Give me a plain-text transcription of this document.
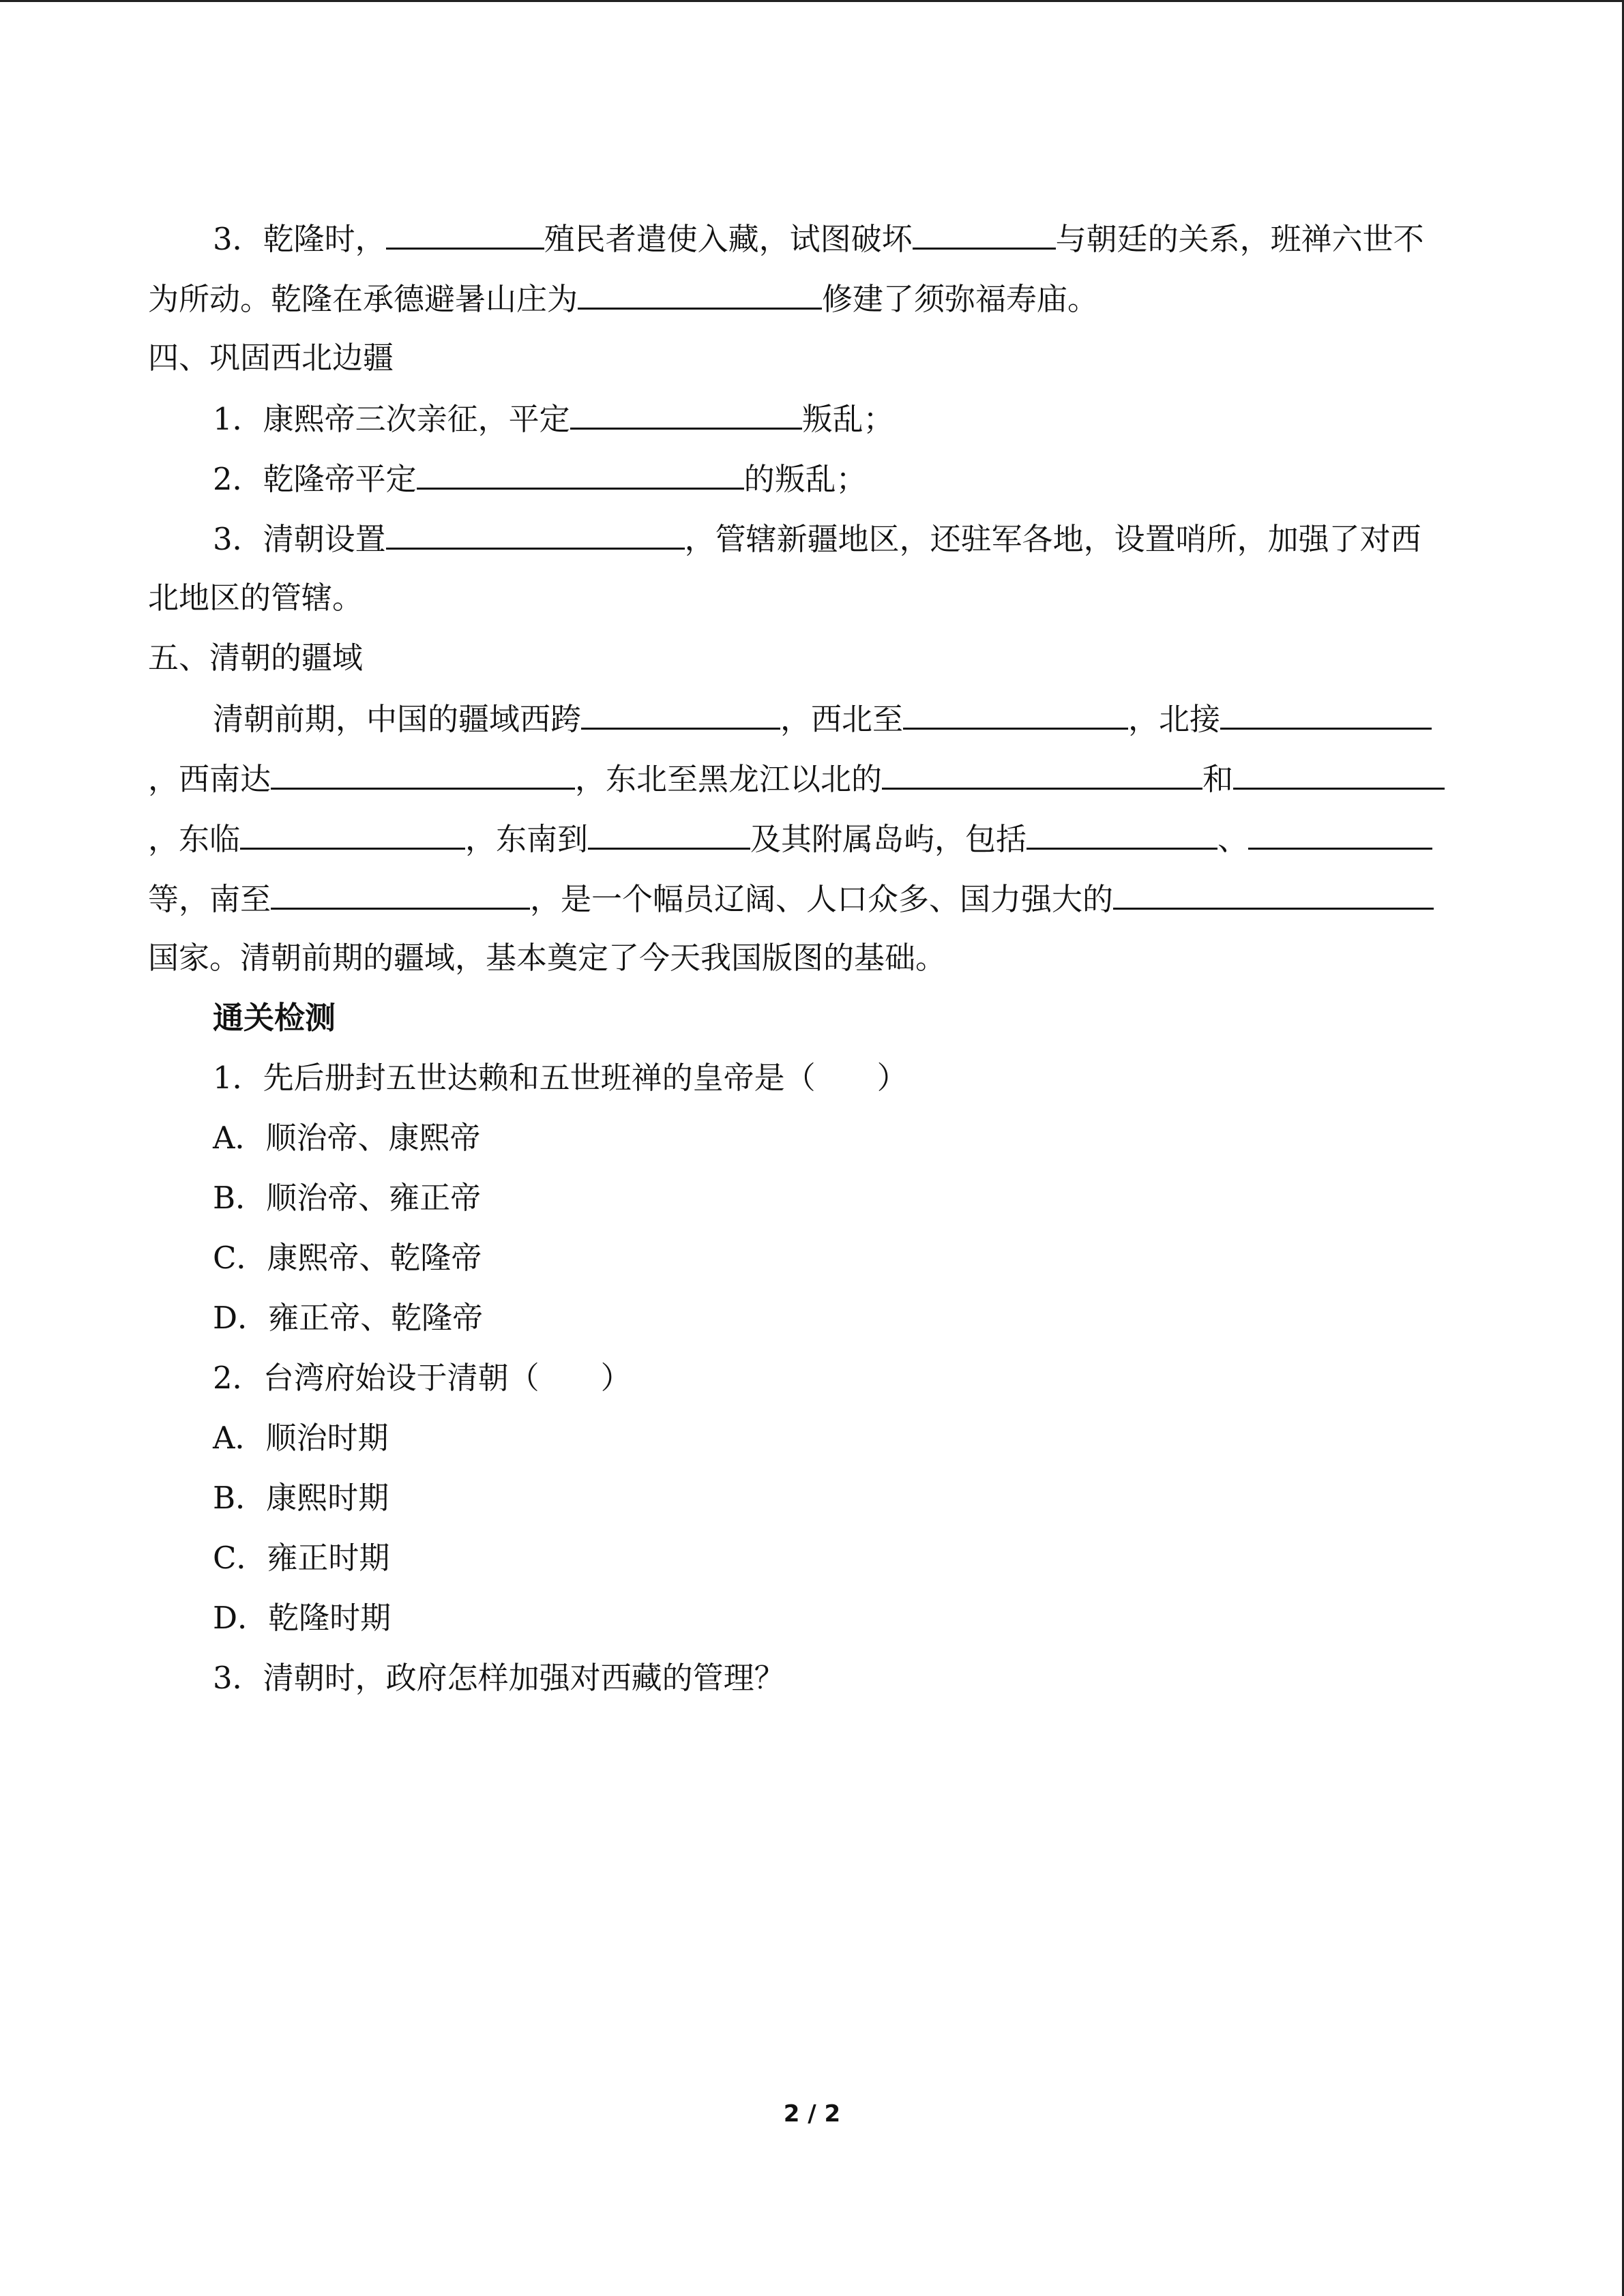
3．乾隆时，	殖民者遣使入藏，试图破坏	与朝廷的关系，班禅六世不
为所动。乾隆在承德避暑山庄为	修建了须弥福寿庙。
四、巩固西北边疆
1．康熙帝三次亲征，平定	叛乱；
2．乾隆帝平定	的叛乱；
3．清朝设置	，管辖新疆地区，还驻军各地，设置哨所，加强了对西
北地区的管辖。
五、清朝的疆域
清朝前期，中国的疆域西跨	，西北至	，北接
，西南达	，东北至黑龙江以北的	和
，东临	，东南到	及其附属岛屿，包括	、
等，南至	，是一个幅员辽阔、人口众多、国力强大的
国家。清朝前期的疆域，基本奠定了今天我国版图的基础。
通关检测
1．先后册封五世达赖和五世班禅的皇帝是（　　）
A．顺治帝、康熙帝
B．顺治帝、雍正帝
C．康熙帝、乾隆帝
D．雍正帝、乾隆帝
2．台湾府始设于清朝（　　）
A．顺治时期
B．康熙时期
C．雍正时期
D．乾隆时期
3．清朝时，政府怎样加强对西藏的管理？
2 / 2
